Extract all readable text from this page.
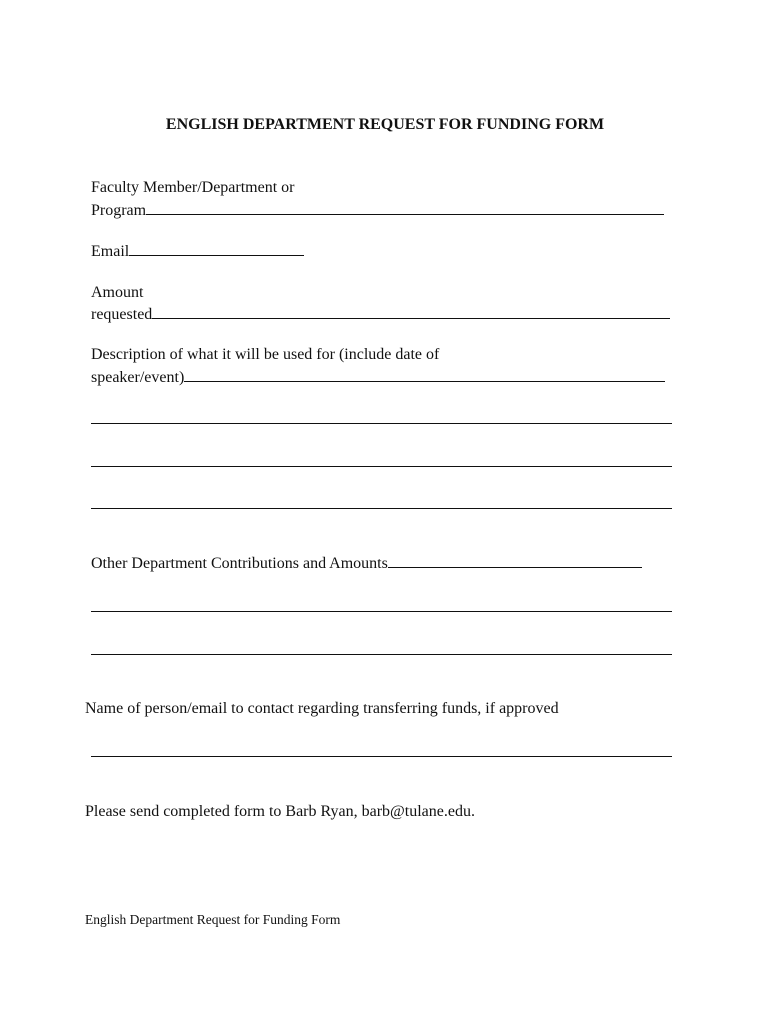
ENGLISH DEPARTMENT REQUEST FOR FUNDING FORM
Faculty Member/Department or
Program
Email
Amount
requested
Description of what it will be used for (include date of
speaker/event)
Other Department Contributions and Amounts
Name of person/email to contact regarding transferring funds, if approved
Please send completed form to Barb Ryan, barb@tulane.edu.
English Department Request for Funding Form
